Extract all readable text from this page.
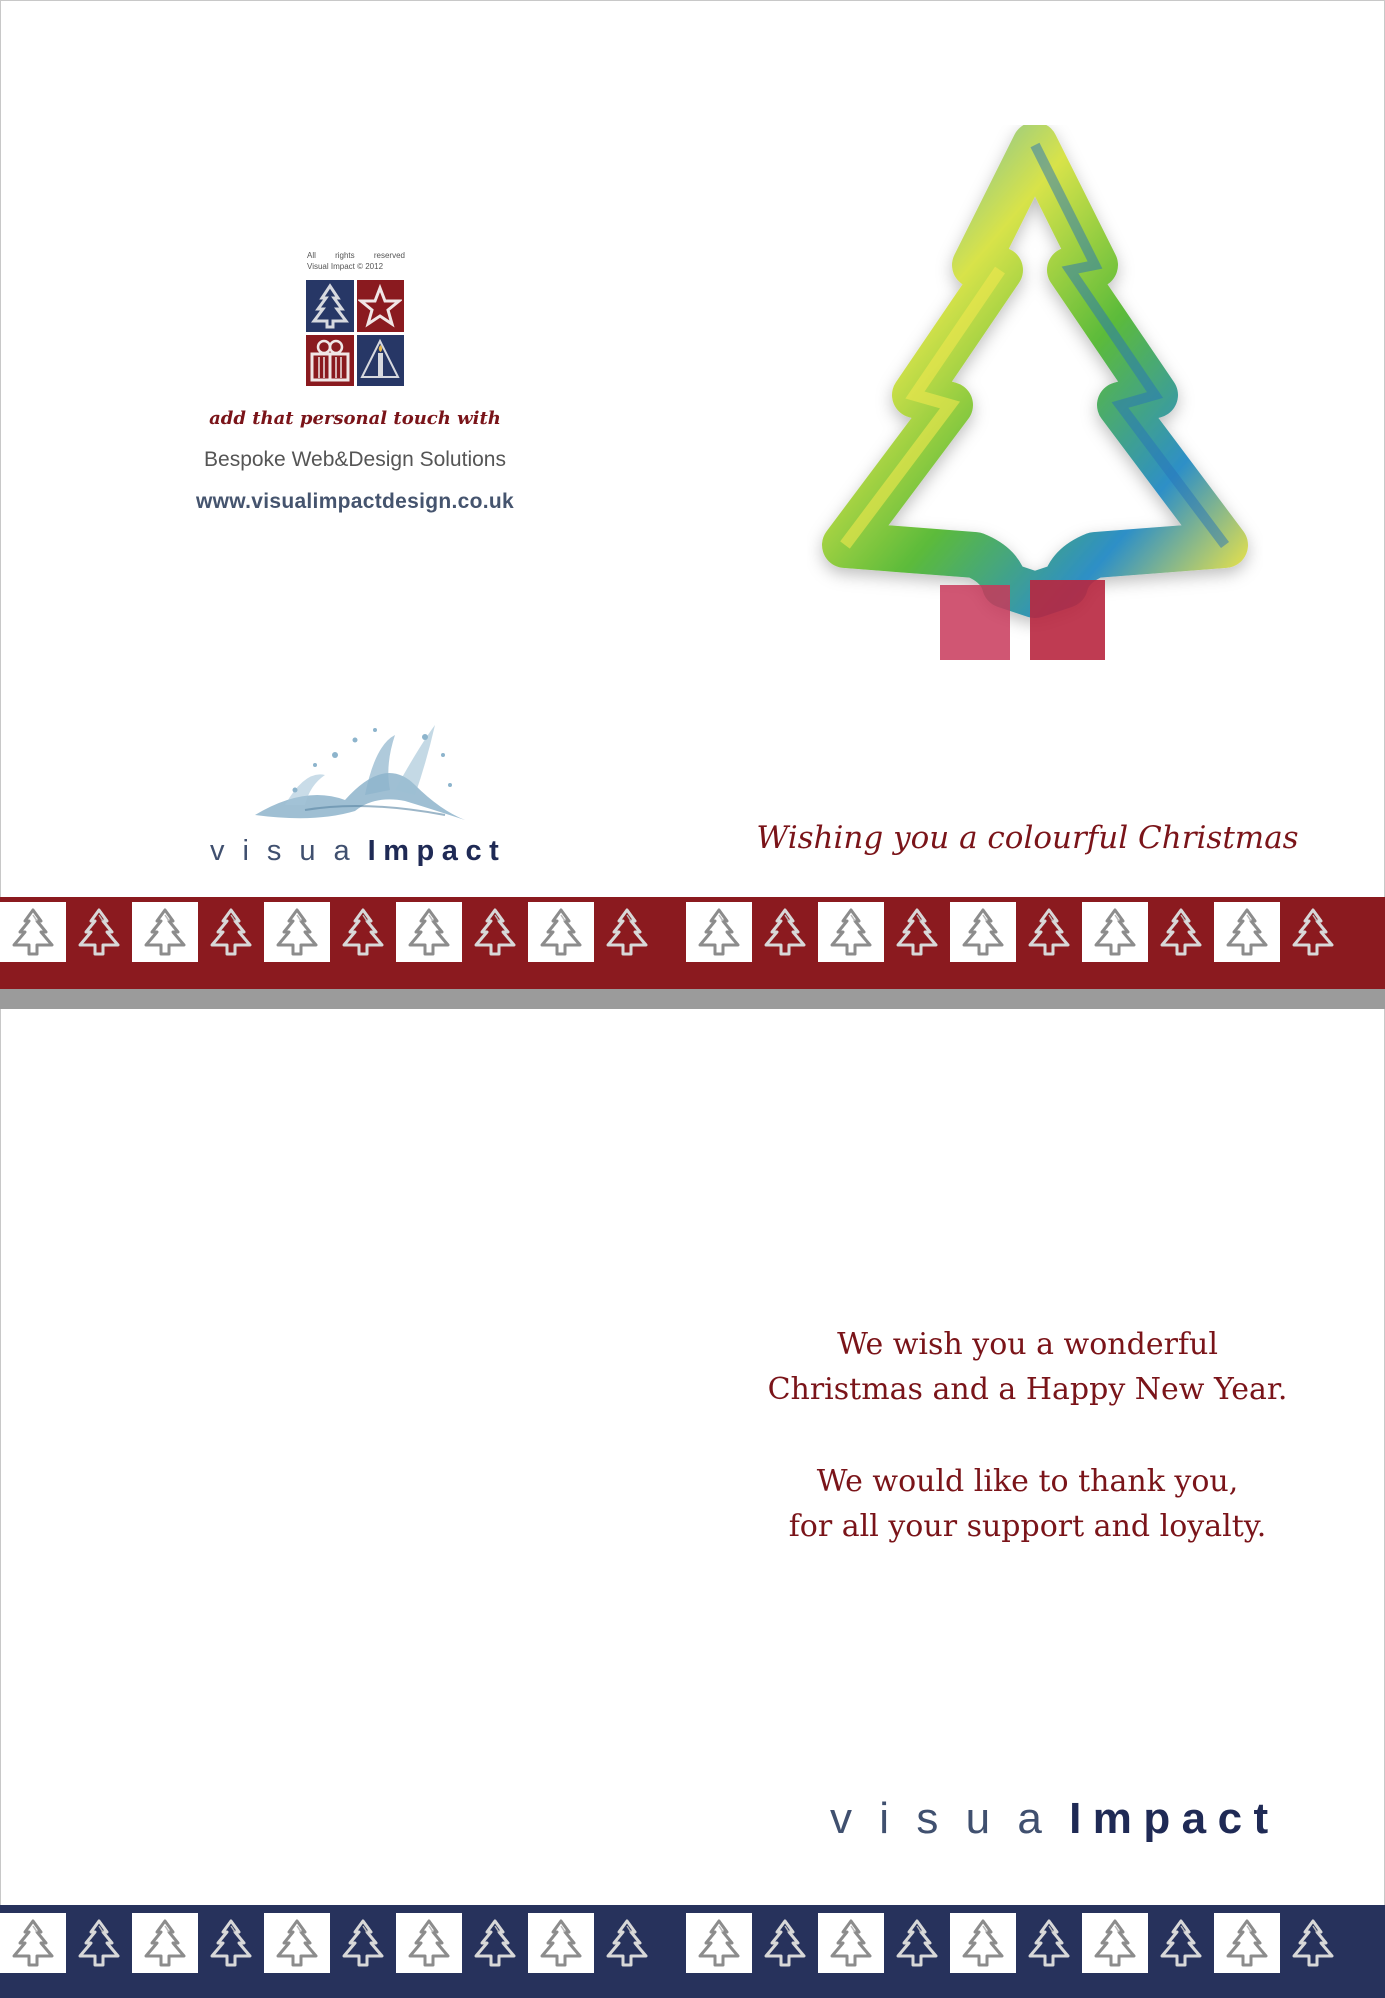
All rights reserved
Visual Impact © 2012
add that personal touch with
Bespoke Web&Design Solutions
www.visualimpactdesign.co.uk
visuaImpact	Wishing you a colourful Christmas
We wish you a wonderful
Christmas and a Happy New Year.
We would like to thank you,
for all your support and loyalty.
visuaImpact
